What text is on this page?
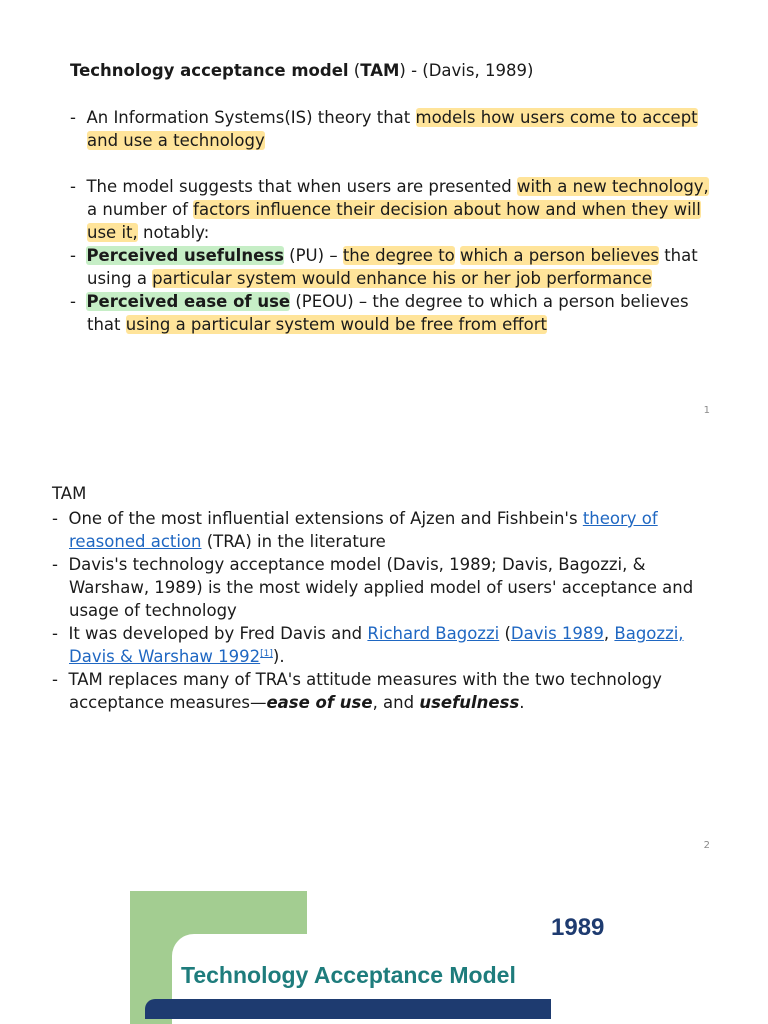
Technology acceptance model (TAM) - (Davis, 1989)

-  An Information Systems(IS) theory that models how users come to accept and use a technology

-  The model suggests that when users are presented with a new technology, a number of factors influence their decision about how and when they will use it, notably:

-  Perceived usefulness (PU) – the degree to which a person believes that using a particular system would enhance his or her job performance

-  Perceived ease of use (PEOU) – the degree to which a person believes that using a particular system would be free from effort

1
TAM

-  One of the most influential extensions of Ajzen and Fishbein's theory of reasoned action (TRA) in the literature

-  Davis's technology acceptance model (Davis, 1989; Davis, Bagozzi, & Warshaw, 1989) is the most widely applied model of users' acceptance and usage of technology

-  It was developed by Fred Davis and Richard Bagozzi (Davis 1989, Bagozzi, Davis & Warshaw 1992[1]).

-  TAM replaces many of TRA's attitude measures with the two technology acceptance measures—ease of use, and usefulness.

2
1989
Technology Acceptance Model
